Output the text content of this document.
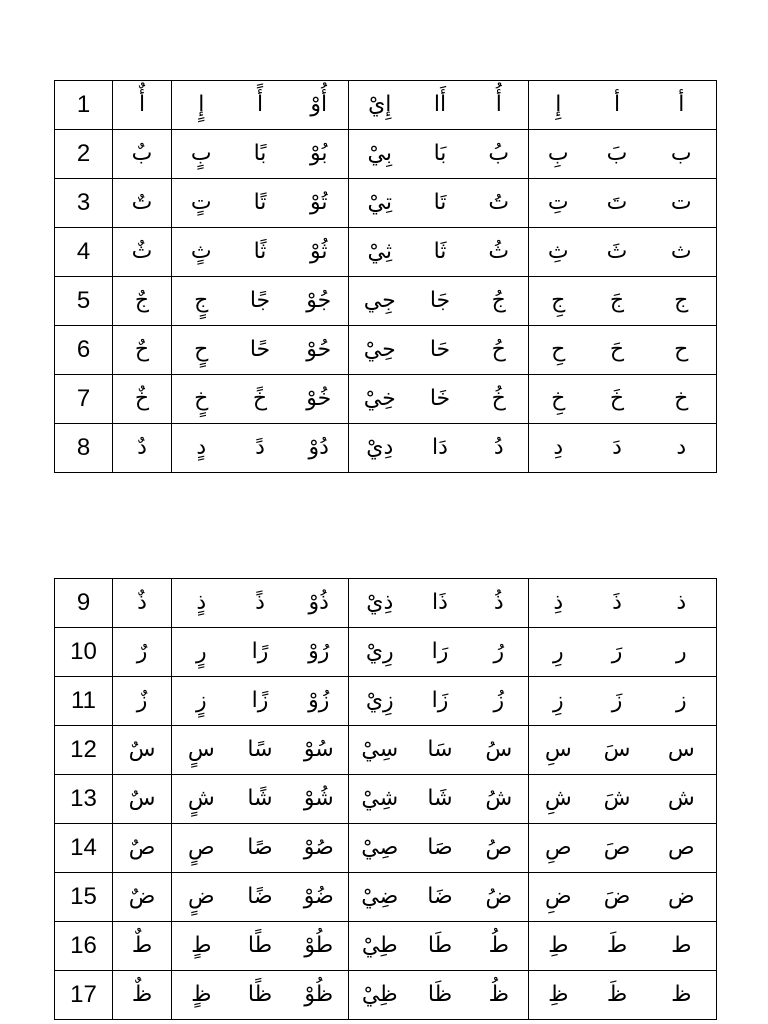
1	أٌ	إٍ	أً	أُوْ	إِيْ	أَا	أُ	إِ	أ	أ
2	بٌ	بٍ	بًا	بُوْ	بِيْ	بَا	بُ	بِ	بَ	ب
3	تٌ	تٍ	تًا	تُوْ	تِيْ	تَا	تُ	تِ	تَ	ت
4	ثٌ	ثٍ	ثًا	ثُوْ	ثِيْ	ثَا	ثُ	ثِ	ثَ	ث
5	جٌ	جٍ	جًا	جُوْ	جِي	جَا	جُ	جِ	جَ	ج
6	حٌ	حٍ	حًا	حُوْ	حِيْ	حَا	حُ	حِ	حَ	ح
7	خٌ	خٍ	خً	خُوْ	خِيْ	خَا	خُ	خِ	خَ	خ
8	دٌ	دٍ	دً	دُوْ	دِيْ	دَا	دُ	دِ	دَ	د
9	ذٌ	ذٍ	ذً	ذُوْ	ذِيْ	ذَا	ذُ	ذِ	ذَ	ذ
10	رٌ	رٍ	رًا	رُوْ	رِيْ	رَا	رُ	رِ	رَ	ر
11	زٌ	زٍ	زًا	زُوْ	زِيْ	زَا	زُ	زِ	زَ	ز
12	سٌ	سٍ	سًا	سُوْ	سِيْ	سَا	سُ	سِ	سَ	س
13	سٌ	شٍ	شًا	شُوْ	شِيْ	شَا	شُ	شِ	شَ	ش
14	صٌ	صٍ	صًا	صُوْ	صِيْ	صَا	صُ	صِ	صَ	ص
15	ضٌ	ضٍ	ضًا	ضُوْ	ضِيْ	ضَا	ضُ	ضِ	ضَ	ض
16	طٌ	طٍ	طًا	طُوْ	طِيْ	طَا	طُ	طِ	طَ	ط
17	ظٌ	ظٍ	ظًا	ظُوْ	ظِيْ	ظَا	ظُ	ظِ	ظَ	ظ
